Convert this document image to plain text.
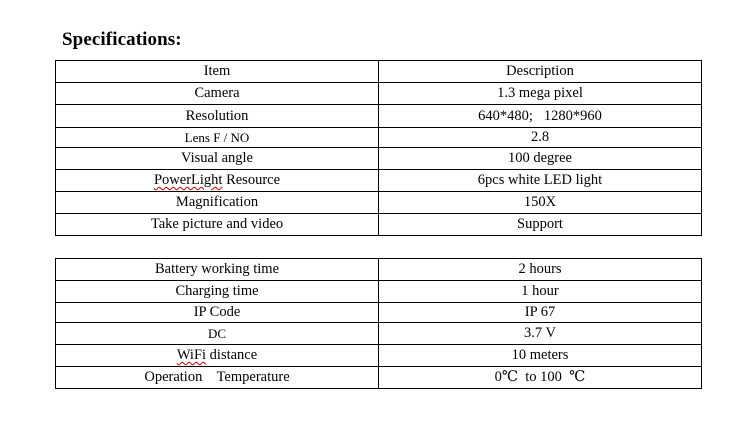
Specifications:
Item	Description
Camera	1.3 mega pixel
Resolution	640*480;   1280*960
Lens F / NO	2.8
Visual angle	100 degree
PowerLight Resource	6pcs white LED light
Magnification	150X
Take picture and video	Support
Battery working time	2 hours
Charging time	1 hour
IP Code	IP 67
DC	3.7 V
WiFi distance	10 meters
Operation    Temperature	0℃  to 100  ℃
